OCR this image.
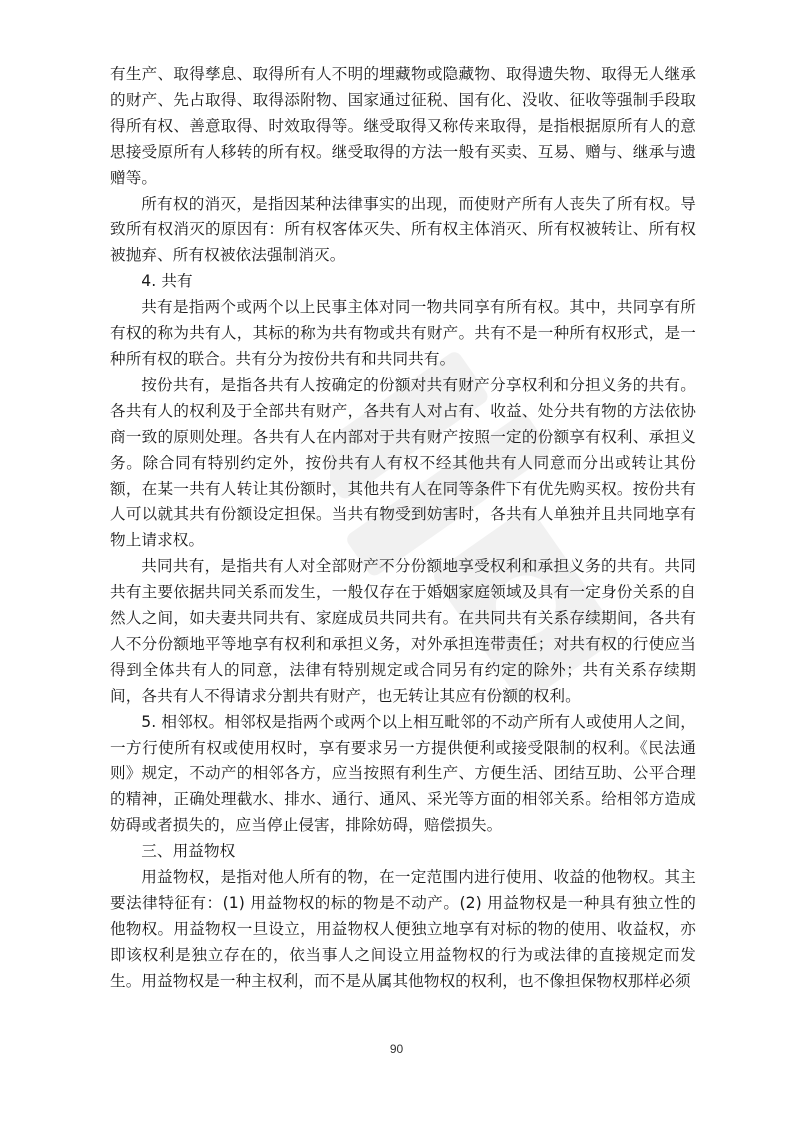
有生产、取得孳息、取得所有人不明的埋藏物或隐藏物、取得遗失物、取得无人继承的财产、先占取得、取得添附物、国家通过征税、国有化、没收、征收等强制手段取得所有权、善意取得、时效取得等。继受取得又称传来取得，是指根据原所有人的意思接受原所有人移转的所有权。继受取得的方法一般有买卖、互易、赠与、继承与遗赠等。

所有权的消灭，是指因某种法律事实的出现，而使财产所有人丧失了所有权。导致所有权消灭的原因有：所有权客体灭失、所有权主体消灭、所有权被转让、所有权被抛弃、所有权被依法强制消灭。

4. 共有

共有是指两个或两个以上民事主体对同一物共同享有所有权。其中，共同享有所有权的称为共有人，其标的称为共有物或共有财产。共有不是一种所有权形式，是一种所有权的联合。共有分为按份共有和共同共有。

按份共有，是指各共有人按确定的份额对共有财产分享权利和分担义务的共有。各共有人的权利及于全部共有财产，各共有人对占有、收益、处分共有物的方法依协商一致的原则处理。各共有人在内部对于共有财产按照一定的份额享有权利、承担义务。除合同有特别约定外，按份共有人有权不经其他共有人同意而分出或转让其份额，在某一共有人转让其份额时，其他共有人在同等条件下有优先购买权。按份共有人可以就其共有份额设定担保。当共有物受到妨害时，各共有人单独并且共同地享有物上请求权。

共同共有，是指共有人对全部财产不分份额地享受权利和承担义务的共有。共同共有主要依据共同关系而发生，一般仅存在于婚姻家庭领域及具有一定身份关系的自然人之间，如夫妻共同共有、家庭成员共同共有。在共同共有关系存续期间，各共有人不分份额地平等地享有权利和承担义务，对外承担连带责任；对共有权的行使应当得到全体共有人的同意，法律有特别规定或合同另有约定的除外；共有关系存续期间，各共有人不得请求分割共有财产，也无转让其应有份额的权利。

5. 相邻权。相邻权是指两个或两个以上相互毗邻的不动产所有人或使用人之间，一方行使所有权或使用权时，享有要求另一方提供便利或接受限制的权利。《民法通则》规定，不动产的相邻各方，应当按照有利生产、方便生活、团结互助、公平合理的精神，正确处理截水、排水、通行、通风、采光等方面的相邻关系。给相邻方造成妨碍或者损失的，应当停止侵害，排除妨碍，赔偿损失。

三、用益物权

用益物权，是指对他人所有的物，在一定范围内进行使用、收益的他物权。其主要法律特征有：(1) 用益物权的标的物是不动产。(2) 用益物权是一种具有独立性的他物权。用益物权一旦设立，用益物权人便独立地享有对标的物的使用、收益权，亦即该权利是独立存在的，依当事人之间设立用益物权的行为或法律的直接规定而发生。用益物权是一种主权利，而不是从属其他物权的权利，也不像担保物权那样必须

90
